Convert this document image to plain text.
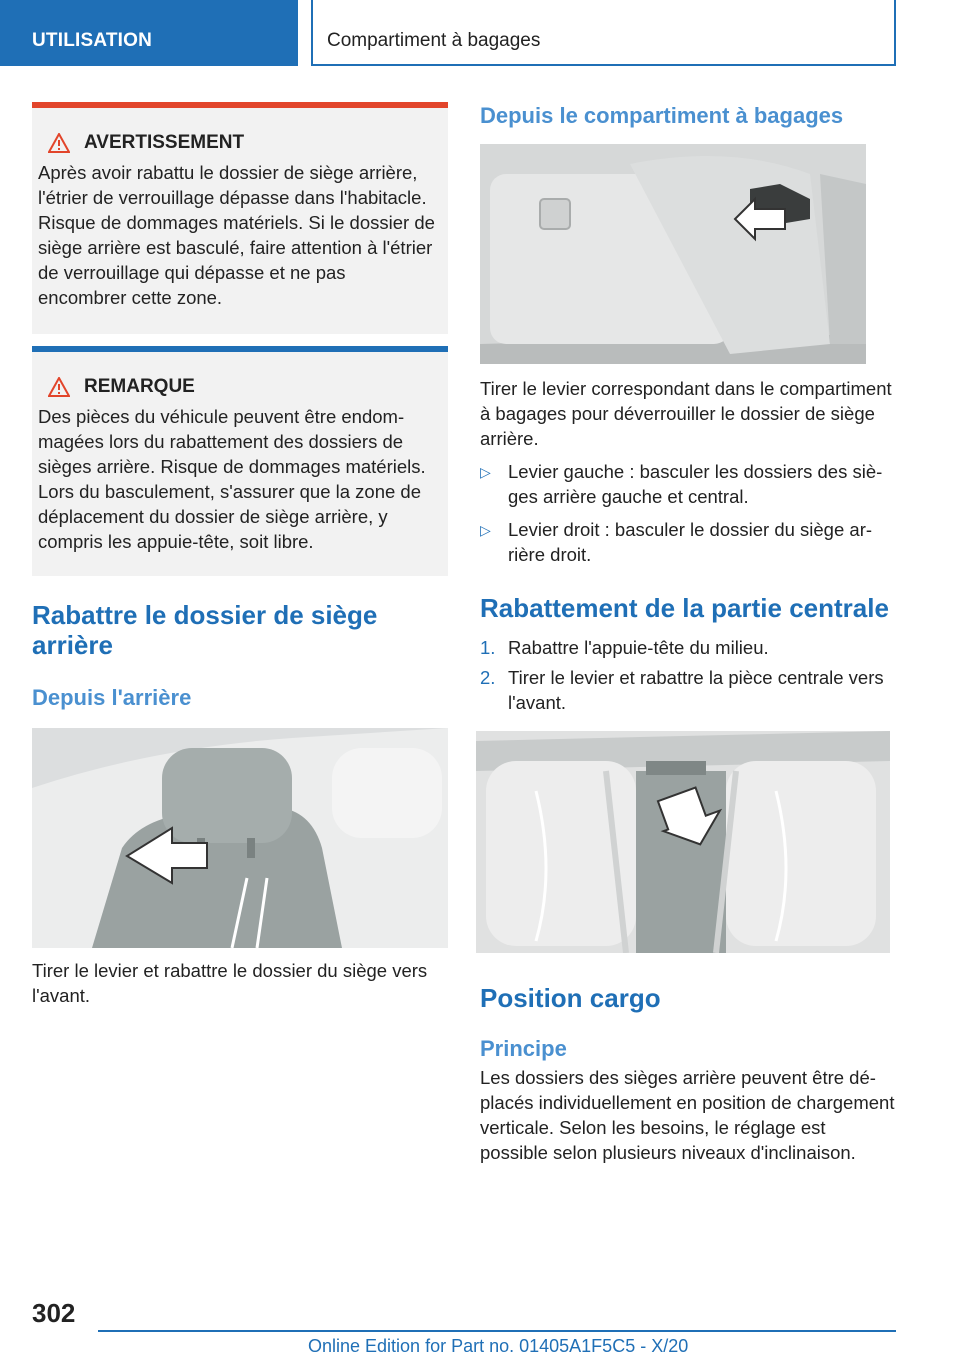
UTILISATION	Compartiment à bagages
AVERTISSEMENT

Après avoir rabattu le dossier de siège arrière, l'étrier de verrouillage dépasse dans l'habitacle. Risque de dommages matériels. Si le dossier de siège arrière est basculé, faire attention à l'étrier de verrouillage qui dépasse et ne pas encombrer cette zone.

REMARQUE

Des pièces du véhicule peuvent être endommagées lors du rabattement des dossiers de sièges arrière. Risque de dommages matériels. Lors du basculement, s'assurer que la zone de déplacement du dossier de siège arrière, y compris les appuie-tête, soit libre.

Rabattre le dossier de siège arrière
Depuis l'arrière

Tirer le levier et rabattre le dossier du siège vers l'avant.

Depuis le compartiment à bagages

Tirer le levier correspondant dans le compartiment à bagages pour déverrouiller le dossier de siège arrière.

▷ Levier gauche : basculer les dossiers des sièges arrière gauche et central.
▷ Levier droit : basculer le dossier du siège arrière droit.
Rabattement de la partie centrale
1. Rabattre l'appuie-tête du milieu.
2. Tirer le levier et rabattre la pièce centrale vers l'avant.
Position cargo
Principe

Les dossiers des sièges arrière peuvent être déplacés individuellement en position de chargement verticale. Selon les besoins, le réglage est possible selon plusieurs niveaux d'inclinaison.

302
Online Edition for Part no. 01405A1F5C5 - X/20
